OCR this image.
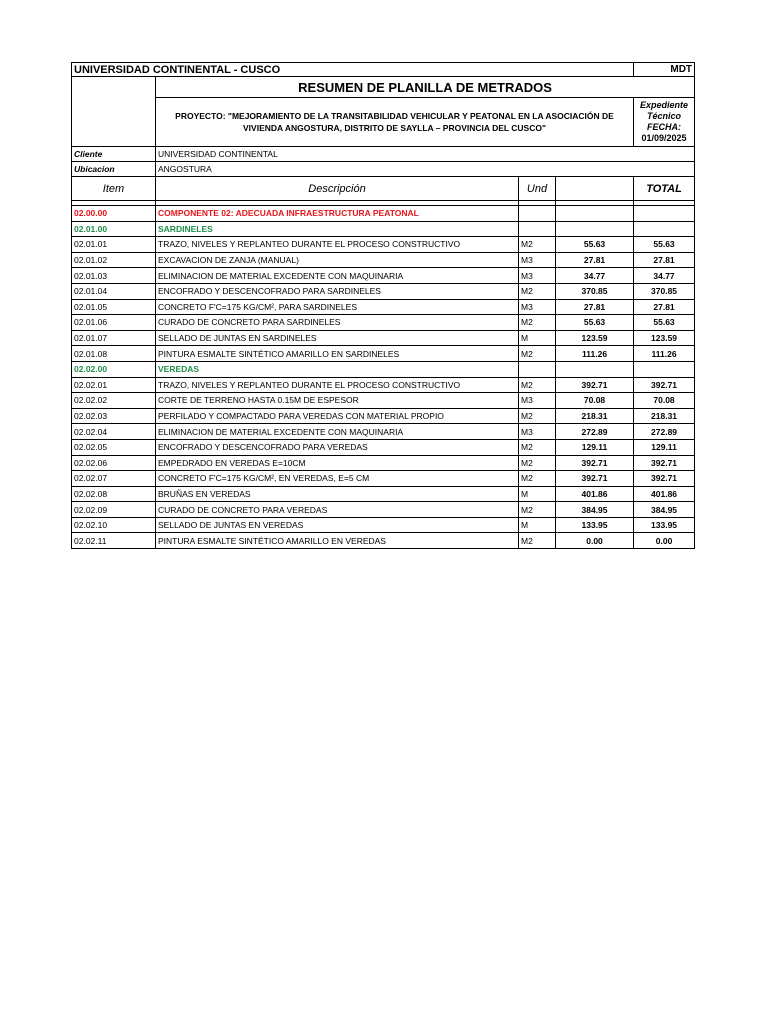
UNIVERSIDAD CONTINENTAL - CUSCO				MDT
	RESUMEN DE PLANILLA DE METRADOS			
	PROYECTO: "MEJORAMIENTO DE LA TRANSITABILIDAD VEHICULAR Y PEATONAL EN LA ASOCIACIÓN DE VIVIENDA ANGOSTURA, DISTRITO DE SAYLLA – PROVINCIA DEL CUSCO"			Expediente Técnico
FECHA:
01/09/2025

Cliente	UNIVERSIDAD CONTINENTAL			
Ubicacion	ANGOSTURA			
Item	Descripción	Und		TOTAL

02.00.00	COMPONENTE 02: ADECUADA INFRAESTRUCTURA PEATONAL			
02.01.00	SARDINELES			
02.01.01	TRAZO, NIVELES Y REPLANTEO DURANTE EL PROCESO CONSTRUCTIVO	M2	55.63	55.63
02.01.02	EXCAVACION DE ZANJA (MANUAL)	M3	27.81	27.81
02.01.03	ELIMINACION DE MATERIAL EXCEDENTE CON MAQUINARIA	M3	34.77	34.77
02.01.04	ENCOFRADO Y DESCENCOFRADO PARA SARDINELES	M2	370.85	370.85
02.01.05	CONCRETO F'C=175 KG/CM², PARA SARDINELES	M3	27.81	27.81
02.01.06	CURADO DE CONCRETO PARA SARDINELES	M2	55.63	55.63
02.01.07	SELLADO DE JUNTAS EN SARDINELES	M	123.59	123.59
02.01.08	PINTURA ESMALTE SINTÉTICO AMARILLO EN SARDINELES	M2	111.26	111.26
02.02.00	VEREDAS			
02.02.01	TRAZO, NIVELES Y REPLANTEO DURANTE EL PROCESO CONSTRUCTIVO	M2	392.71	392.71
02.02.02	CORTE DE TERRENO HASTA 0.15M DE ESPESOR	M3	70.08	70.08
02.02.03	PERFILADO Y COMPACTADO PARA VEREDAS CON MATERIAL PROPIO	M2	218.31	218.31
02.02.04	ELIMINACION DE MATERIAL EXCEDENTE CON MAQUINARIA	M3	272.89	272.89
02.02.05	ENCOFRADO Y DESCENCOFRADO PARA VEREDAS	M2	129.11	129.11
02.02.06	EMPEDRADO EN VEREDAS E=10CM	M2	392.71	392.71
02.02.07	CONCRETO F'C=175 KG/CM², EN VEREDAS, E=5 CM	M2	392.71	392.71
02.02.08	BRUÑAS EN VEREDAS	M	401.86	401.86
02.02.09	CURADO DE CONCRETO PARA VEREDAS	M2	384.95	384.95
02.02.10	SELLADO DE JUNTAS EN VEREDAS	M	133.95	133.95
02.02.11	PINTURA ESMALTE SINTÉTICO AMARILLO EN VEREDAS	M2	0.00	0.00
